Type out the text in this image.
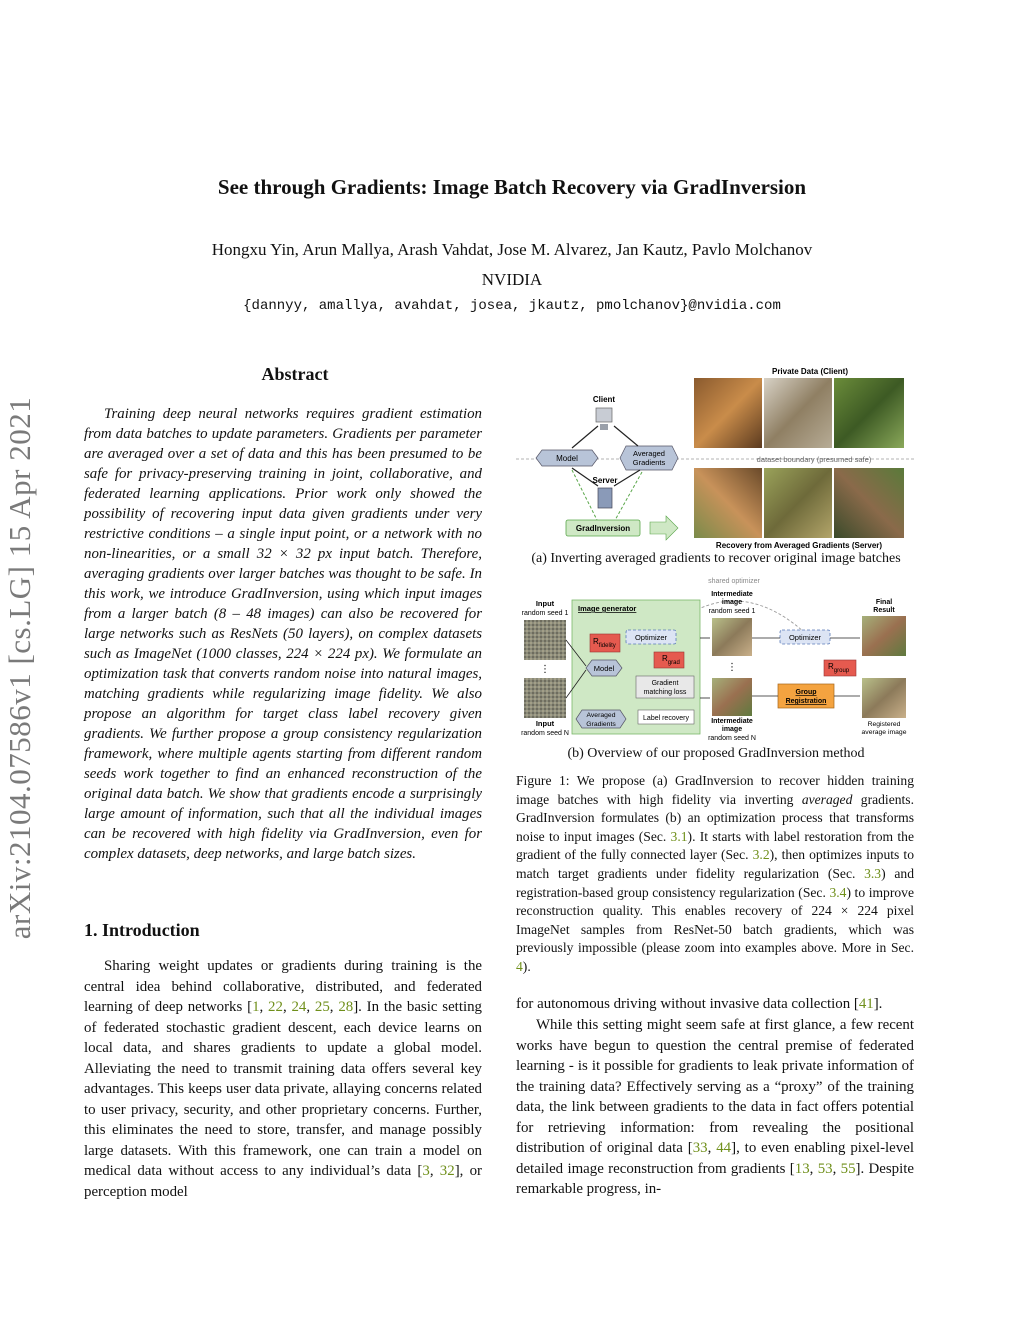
See through Gradients: Image Batch Recovery via GradInversion
Hongxu Yin, Arun Mallya, Arash Vahdat, Jose M. Alvarez, Jan Kautz, Pavlo Molchanov
NVIDIA
{dannyy, amallya, avahdat, josea, jkautz, pmolchanov}@nvidia.com
arXiv:2104.07586v1 [cs.LG] 15 Apr 2021
Abstract
Training deep neural networks requires gradient estimation from data batches to update parameters. Gradients per parameter are averaged over a set of data and this has been presumed to be safe for privacy-preserving training in joint, collaborative, and federated learning applications. Prior work only showed the possibility of recovering input data given gradients under very restrictive conditions – a single input point, or a network with no non-linearities, or a small 32 × 32 px input batch. Therefore, averaging gradients over larger batches was thought to be safe. In this work, we introduce GradInversion, using which input images from a larger batch (8 – 48 images) can also be recovered for large networks such as ResNets (50 layers), on complex datasets such as ImageNet (1000 classes, 224 × 224 px). We formulate an optimization task that converts random noise into natural images, matching gradients while regularizing image fidelity. We also propose an algorithm for target class label recovery given gradients. We further propose a group consistency regularization framework, where multiple agents starting from different random seeds work together to find an enhanced reconstruction of the original data batch. We show that gradients encode a surprisingly large amount of information, such that all the individual images can be recovered with high fidelity via GradInversion, even for complex datasets, deep networks, and large batch sizes.
1. Introduction
Sharing weight updates or gradients during training is the central idea behind collaborative, distributed, and federated learning of deep networks [1, 22, 24, 25, 28]. In the basic setting of federated stochastic gradient descent, each device learns on local data, and shares gradients to update a global model. Alleviating the need to transmit training data offers several key advantages. This keeps user data private, allaying concerns related to user privacy, security, and other proprietary concerns. Further, this eliminates the need to store, transfer, and manage possibly large datasets. With this framework, one can train a model on medical data without access to any individual’s data [3, 32], or perception model
Private Data (Client)
dataset boundary (presumed safe)
Client
Model
Averaged
Gradients
Server
GradInversion
Recovery from Averaged Gradients (Server)
(a) Inverting averaged gradients to recover original image batches
shared optimizer
Input
random seed 1
⋮
Input
random seed N
Image generator
$R_{fidelity}$
Optimizer
Model
$R_{grad}$
Gradient
matching loss
Averaged
Gradients
Label recovery
Intermediate
image
random seed 1
⋮
Intermediate
image
random seed N
Optimizer
$R_{group}$
Group
Registration
Final
Result
Registered
average image
(b) Overview of our proposed GradInversion method
Figure 1: We propose (a) GradInversion to recover hidden training image batches with high fidelity via inverting averaged gradients. GradInversion formulates (b) an optimization process that transforms noise to input images (Sec. 3.1). It starts with label restoration from the gradient of the fully connected layer (Sec. 3.2), then optimizes inputs to match target gradients under fidelity regularization (Sec. 3.3) and registration-based group consistency regularization (Sec. 3.4) to improve reconstruction quality. This enables recovery of 224 × 224 pixel ImageNet samples from ResNet-50 batch gradients, which was previously impossible (please zoom into examples above. More in Sec. 4).
for autonomous driving without invasive data collection [41].
While this setting might seem safe at first glance, a few recent works have begun to question the central premise of federated learning - is it possible for gradients to leak private information of the training data? Effectively serving as a “proxy” of the training data, the link between gradients to the data in fact offers potential for retrieving information: from revealing the positional distribution of original data [33, 44], to even enabling pixel-level detailed image reconstruction from gradients [13, 53, 55]. Despite remarkable progress, in-
